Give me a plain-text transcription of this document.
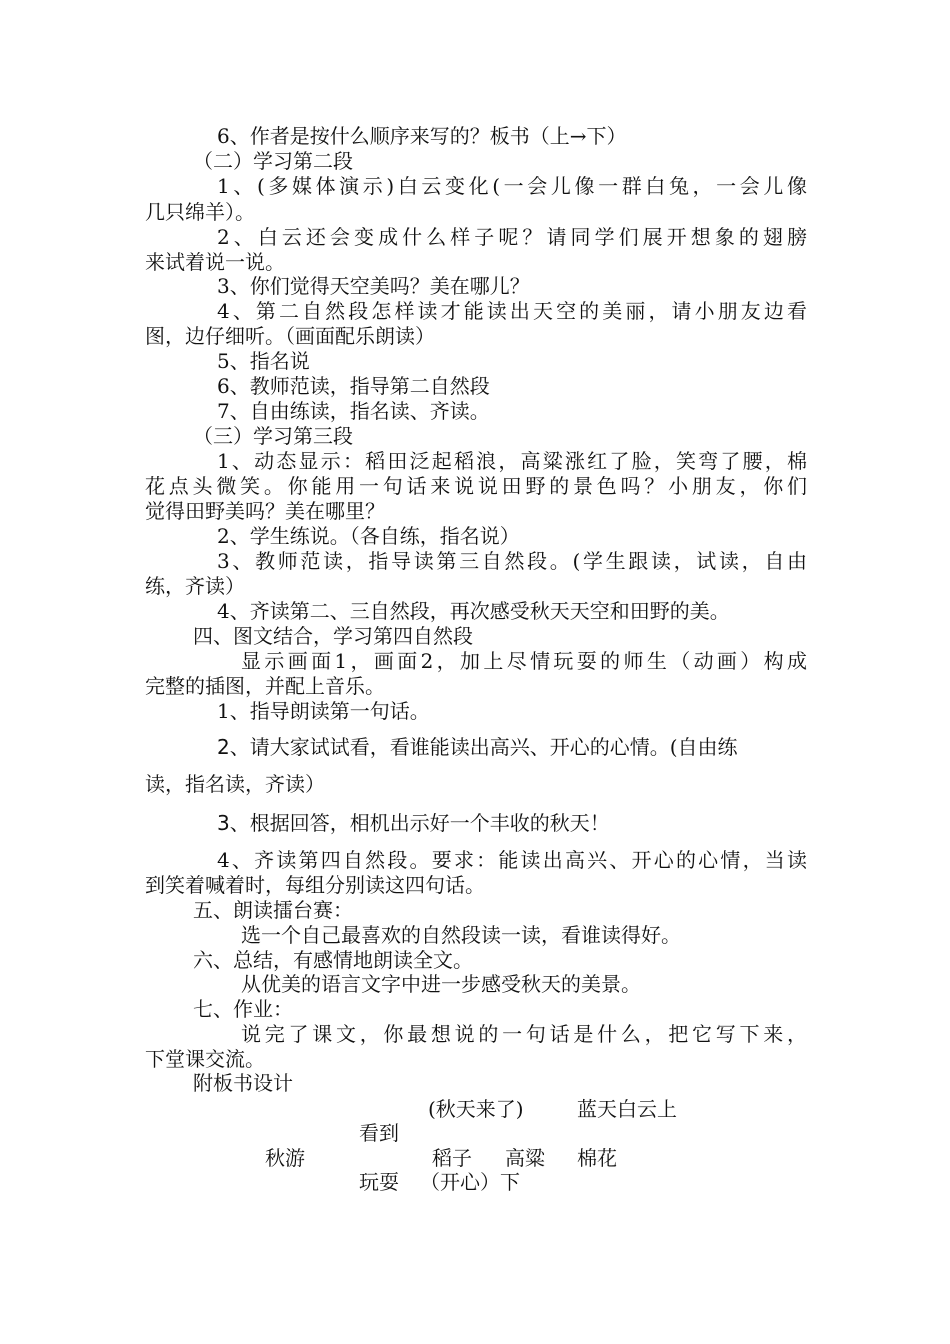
6、作者是按什么顺序来写的？板书（上→下）
（二）学习第二段
1、(多媒体演示)白云变化(一会儿像一群白兔，一会儿像
几只绵羊）。
2、白云还会变成什么样子呢？请同学们展开想象的翅膀
来试着说一说。
3、你们觉得天空美吗？美在哪儿？
4、第二自然段怎样读才能读出天空的美丽，请小朋友边看
图，边仔细听。（画面配乐朗读）
5、指名说
6、教师范读，指导第二自然段
7、自由练读，指名读、齐读。
（三）学习第三段
1、动态显示：稻田泛起稻浪，高粱涨红了脸，笑弯了腰，棉
花点头微笑。你能用一句话来说说田野的景色吗？小朋友，你们
觉得田野美吗？美在哪里？
2、学生练说。（各自练，指名说）
3、教师范读，指导读第三自然段。(学生跟读，试读，自由
练，齐读）
4、齐读第二、三自然段，再次感受秋天天空和田野的美。
四、图文结合，学习第四自然段
显示画面1，画面2，加上尽情玩耍的师生（动画）构成
完整的插图，并配上音乐。
1、指导朗读第一句话。
2、请大家试试看，看谁能读出高兴、开心的心情。(自由练
读，指名读，齐读）
3、根据回答，相机出示好一个丰收的秋天！
4、齐读第四自然段。要求：能读出高兴、开心的心情，当读
到笑着喊着时，每组分别读这四句话。
五、朗读擂台赛：
选一个自己最喜欢的自然段读一读，看谁读得好。
六、总结，有感情地朗读全文。
从优美的语言文字中进一步感受秋天的美景。
七、作业：
说完了课文，你最想说的一句话是什么，把它写下来，
下堂课交流。
附板书设计
(秋天来了)	蓝天白云上
看到
秋游	稻子 高粱 棉花
玩耍 （开心）下
